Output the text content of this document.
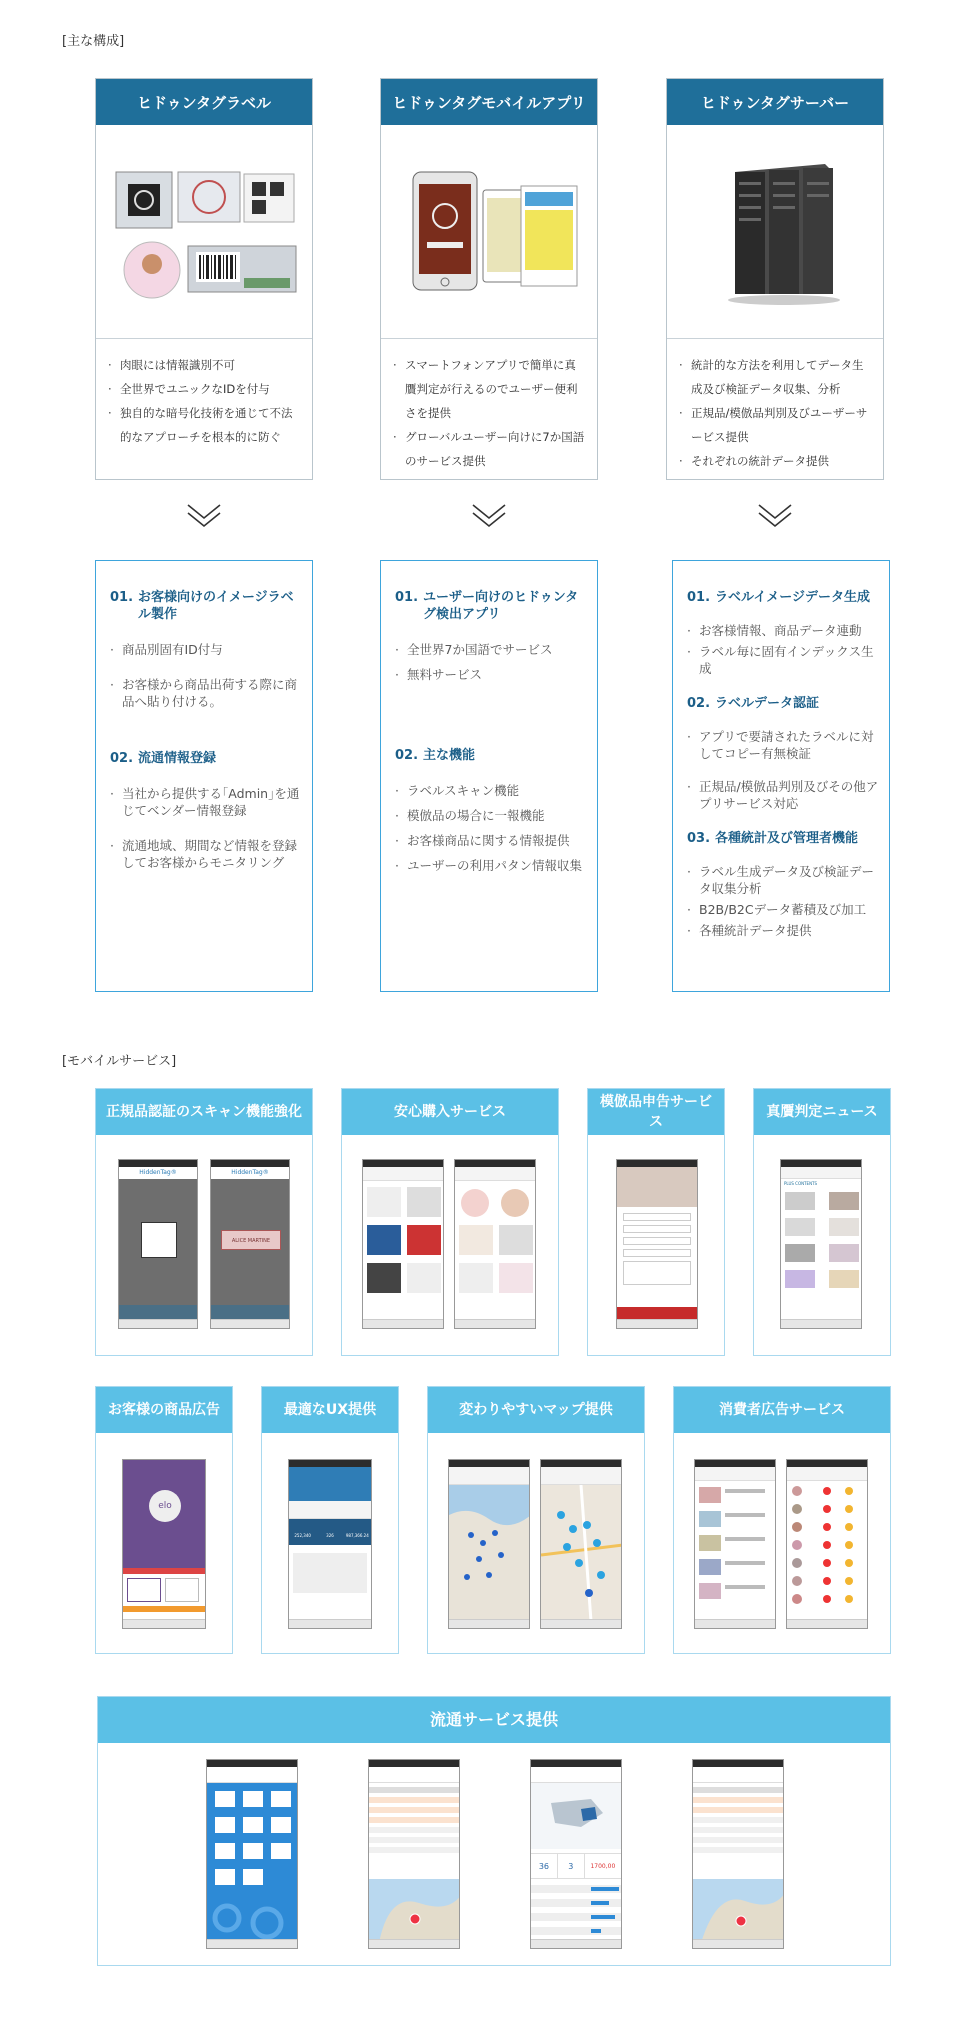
[主な構成]
ヒドゥンタグラベル
· 肉眼には情報識別不可
· 全世界でユニックなIDを付与
· 独自的な暗号化技術を通じて不法的なアプローチを根本的に防ぐ
ヒドゥンタグモバイルアプリ
· スマートフォンアプリで簡単に真贋判定が行えるのでユーザー便利さを提供
· グローバルユーザー向けに7か国語のサービス提供
ヒドゥンタグサーバー
· 統計的な方法を利用してデータ生成及び検証データ収集、分析
· 正規品/模倣品判別及びユーザーサービス提供
· それぞれの統計データ提供
01. お客様向けのイメージラベル製作
· 商品別固有ID付与
· お客様から商品出荷する際に商品へ貼り付ける。
02. 流通情報登録
· 当社から提供する｢Admin｣を通じてベンダー情報登録
· 流通地域、期間など情報を登録してお客様からモニタリング
01. ユーザー向けのヒドゥンタグ検出アプリ
· 全世界7か国語でサービス
· 無料サービス
02. 主な機能
· ラベルスキャン機能
· 模倣品の場合に一報機能
· お客様商品に関する情報提供
· ユーザーの利用パタン情報収集
01. ラベルイメージデータ生成
· お客様情報、商品データ連動
· ラベル毎に固有インデックス生成
02. ラベルデータ認証
· アプリで要請されたラベルに対してコピー有無検証
· 正規品/模倣品判別及びその他アプリサービス対応
03. 各種統計及び管理者機能
· ラベル生成データ及び検証データ収集分析
· B2B/B2Cデータ蓄積及び加工
· 各種統計データ提供
[モバイルサービス]
正規品認証のスキャン機能強化
HiddenTag®	HiddenTag®
ALICE MARTINE
安心購入サービス
模倣品申告サービス
真贋判定ニュース
PLUS CONTENTS
お客様の商品広告
elo
最適なUX提供
252,340	326	987,366.24
変わりやすいマップ提供	消費者広告サービス
流通サービス提供
36	3	1700,00
